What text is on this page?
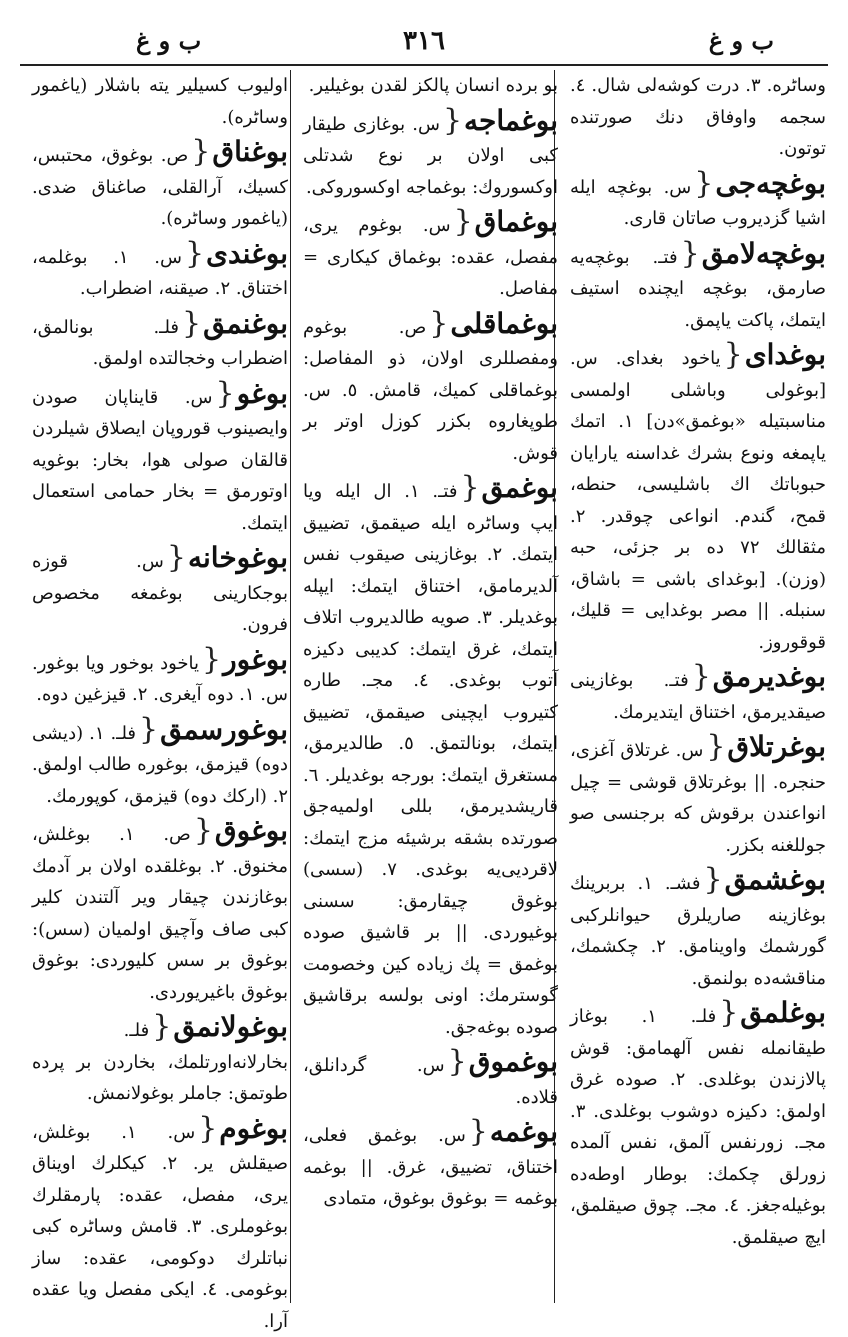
ب و غ
٣١٦
ب و غ
وساڻره. ٣. درت کوشه‌لی شال. ٤. سجمه واوفاق دنك صورتنده توتون.
بوغچه‌جی{س. بوغچه ایله اشیا گزدیروب صاتان قاری.
بوغچه‌لامق{فتـ. بوغچه‌یه صارمق، بوغچه ایچنده استیف ایتمك، پاکت یاپمق.
بوغدای{یاخود بغدای. س. [بوغولی وباشلی اولمسی مناسبتیله «بوغمق»دن] ١. اتمك یاپمغه ونوع بشرك غداسنه یارایان حبوباتك اك باشلیسی، حنطه، قمح، گندم. انواعی چوقدر. ٢. مثقالك ٧٢ ده بر جزئی، حبه (وزن). [بوغدای باشی = باشاق، سنبله. || مصر بوغدایی = قلیك، قوقوروز.
بوغدیرمق{فتـ. بوغازینی صیقدیرمق، اختناق ایتدیرمك.
بوغرتلاق{س. غرتلاق آغزی، حنجره. || بوغرتلاق قوشی = چیل انواعندن برقوش که برجنسی صو جوللغنه بکزر.
بوغشمق{فشـ. ١. بربرینك بوغازینه صاریلرق حیوانلرکبی گورشمك واوینامق. ٢. چکشمك، مناقشه‌ده بولنمق.
بوغلمق{فلـ. ١. بوغاز طیقانمله نفس آلهمامق: قوش پالازندن بوغلدی. ٢. صوده غرق اولمق: دکیزه دوشوب بوغلدی. ٣. مجـ. زورنفس آلمق، نفس آلمده زورلق چکمك: بوطار اوطه‌ده بوغیله‌جغز. ٤. مجـ. چوق صیقلمق، ایچ صیقلمق.
بو برده انسان پالکز لقدن بوغیلیر.
بوغماجه{س. بوغازی طیقار کبی اولان بر نوع شدتلی اوکسوروك: بوغماجه اوکسوروکی.
بوغماق{س. بوغوم یری، مفصل، عقده: بوغماق کیکاری = مفاصل.
بوغماقلی{ص. بوغوم ومفصللری اولان، ذو المفاصل: بوغماقلی کمیك، قامش. ٥. س. طوپغاروه بکزر کوزل اوتر بر قوش.
بوغمق{فتـ. ١. ال ایله ویا ایپ وساڻره ایله صیقمق، تضییق ایتمك. ٢. بوغازینی صیقوب نفس آلدیرمامق، اختناق ایتمك: ایپله بوغدیلر. ٣. صویه طالدیروب اتلاف ایتمك، غرق ایتمك: کدیبی دکیزه آتوب بوغدی. ٤. مجـ. طاره کتیروب ایچینی صیقمق، تضییق ایتمك، بونالتمق. ٥. طالدیرمق، مستغرق ایتمك: بورجه بوغدیلر. ٦. قاریشدیرمق، بللی اولمیه‌جق صورتده بشقه برشیئه مزج ایتمك: لاقردیی‌یه بوغدی. ٧. (سسی) بوغوق چیقارمق: سسنی بوغیوردی. || بر قاشیق صوده بوغمق = پك زیاده کین وخصومت گوسترمك: اونی بولسه برقاشیق صوده بوغه‌جق.
بوغموق{س. گردانلق، قلاده.
بوغمه{س. بوغمق فعلی، اختناق، تضییق، غرق. || بوغمه بوغمه = بوغوق بوغوق، متمادی
اولیوب کسیلیر یته باشلار (یاغمور وساڻره).
بوغناق{ص. بوغوق، محتبس، کسیك، آرالقلی، صاغناق ضدی. (یاغمور وساڻره).
بوغندی{س. ١. بوغلمه، اختناق. ٢. صیقنه، اضطراب.
بوغنمق{فلـ. بونالمق، اضطراب وخجالتده اولمق.
بوغو{س. قایناپان صودن وایصینوب قوروپان ایصلاق شیلردن قالقان صولی هوا، بخار: بوغویه اوتورمق = بخار حمامی استعمال ایتمك.
بوغوخانه{س. قوزه بوجکارینی بوغمغه مخصوص فرون.
بوغور{یاخود بوخور ویا بوغور. س. ١. دوه آیغری. ٢. قیزغین دوه.
بوغورسمق{فلـ. ١. (دیشی دوه) قیزمق، بوغوره طالب اولمق. ٢. (ارکك دوه) قیزمق، کوپورمك.
بوغوق{ص. ١. بوغلش، مخنوق. ٢. بوغلقده اولان بر آدمك بوغازندن چیقار ویر آلتندن کلیر کبی صاف وآچیق اولمیان (سس): بوغوق بر سس کلیوردی: بوغوق بوغوق باغیریوردی.
بوغولانمق{فلـ. بخارلانه‌اورتلمك، بخاردن بر پرده طوتمق: جاملر بوغولانمش.
بوغوم{س. ١. بوغلش، صیقلش یر. ٢. کیکلرك اویناق یری، مفصل، عقده: پارمقلرك بوغوملری. ٣. قامش وساڻره کبی نباتلرك دوکومی، عقده: ساز بوغومی. ٤. ایکی مفصل ویا عقده آرا.
